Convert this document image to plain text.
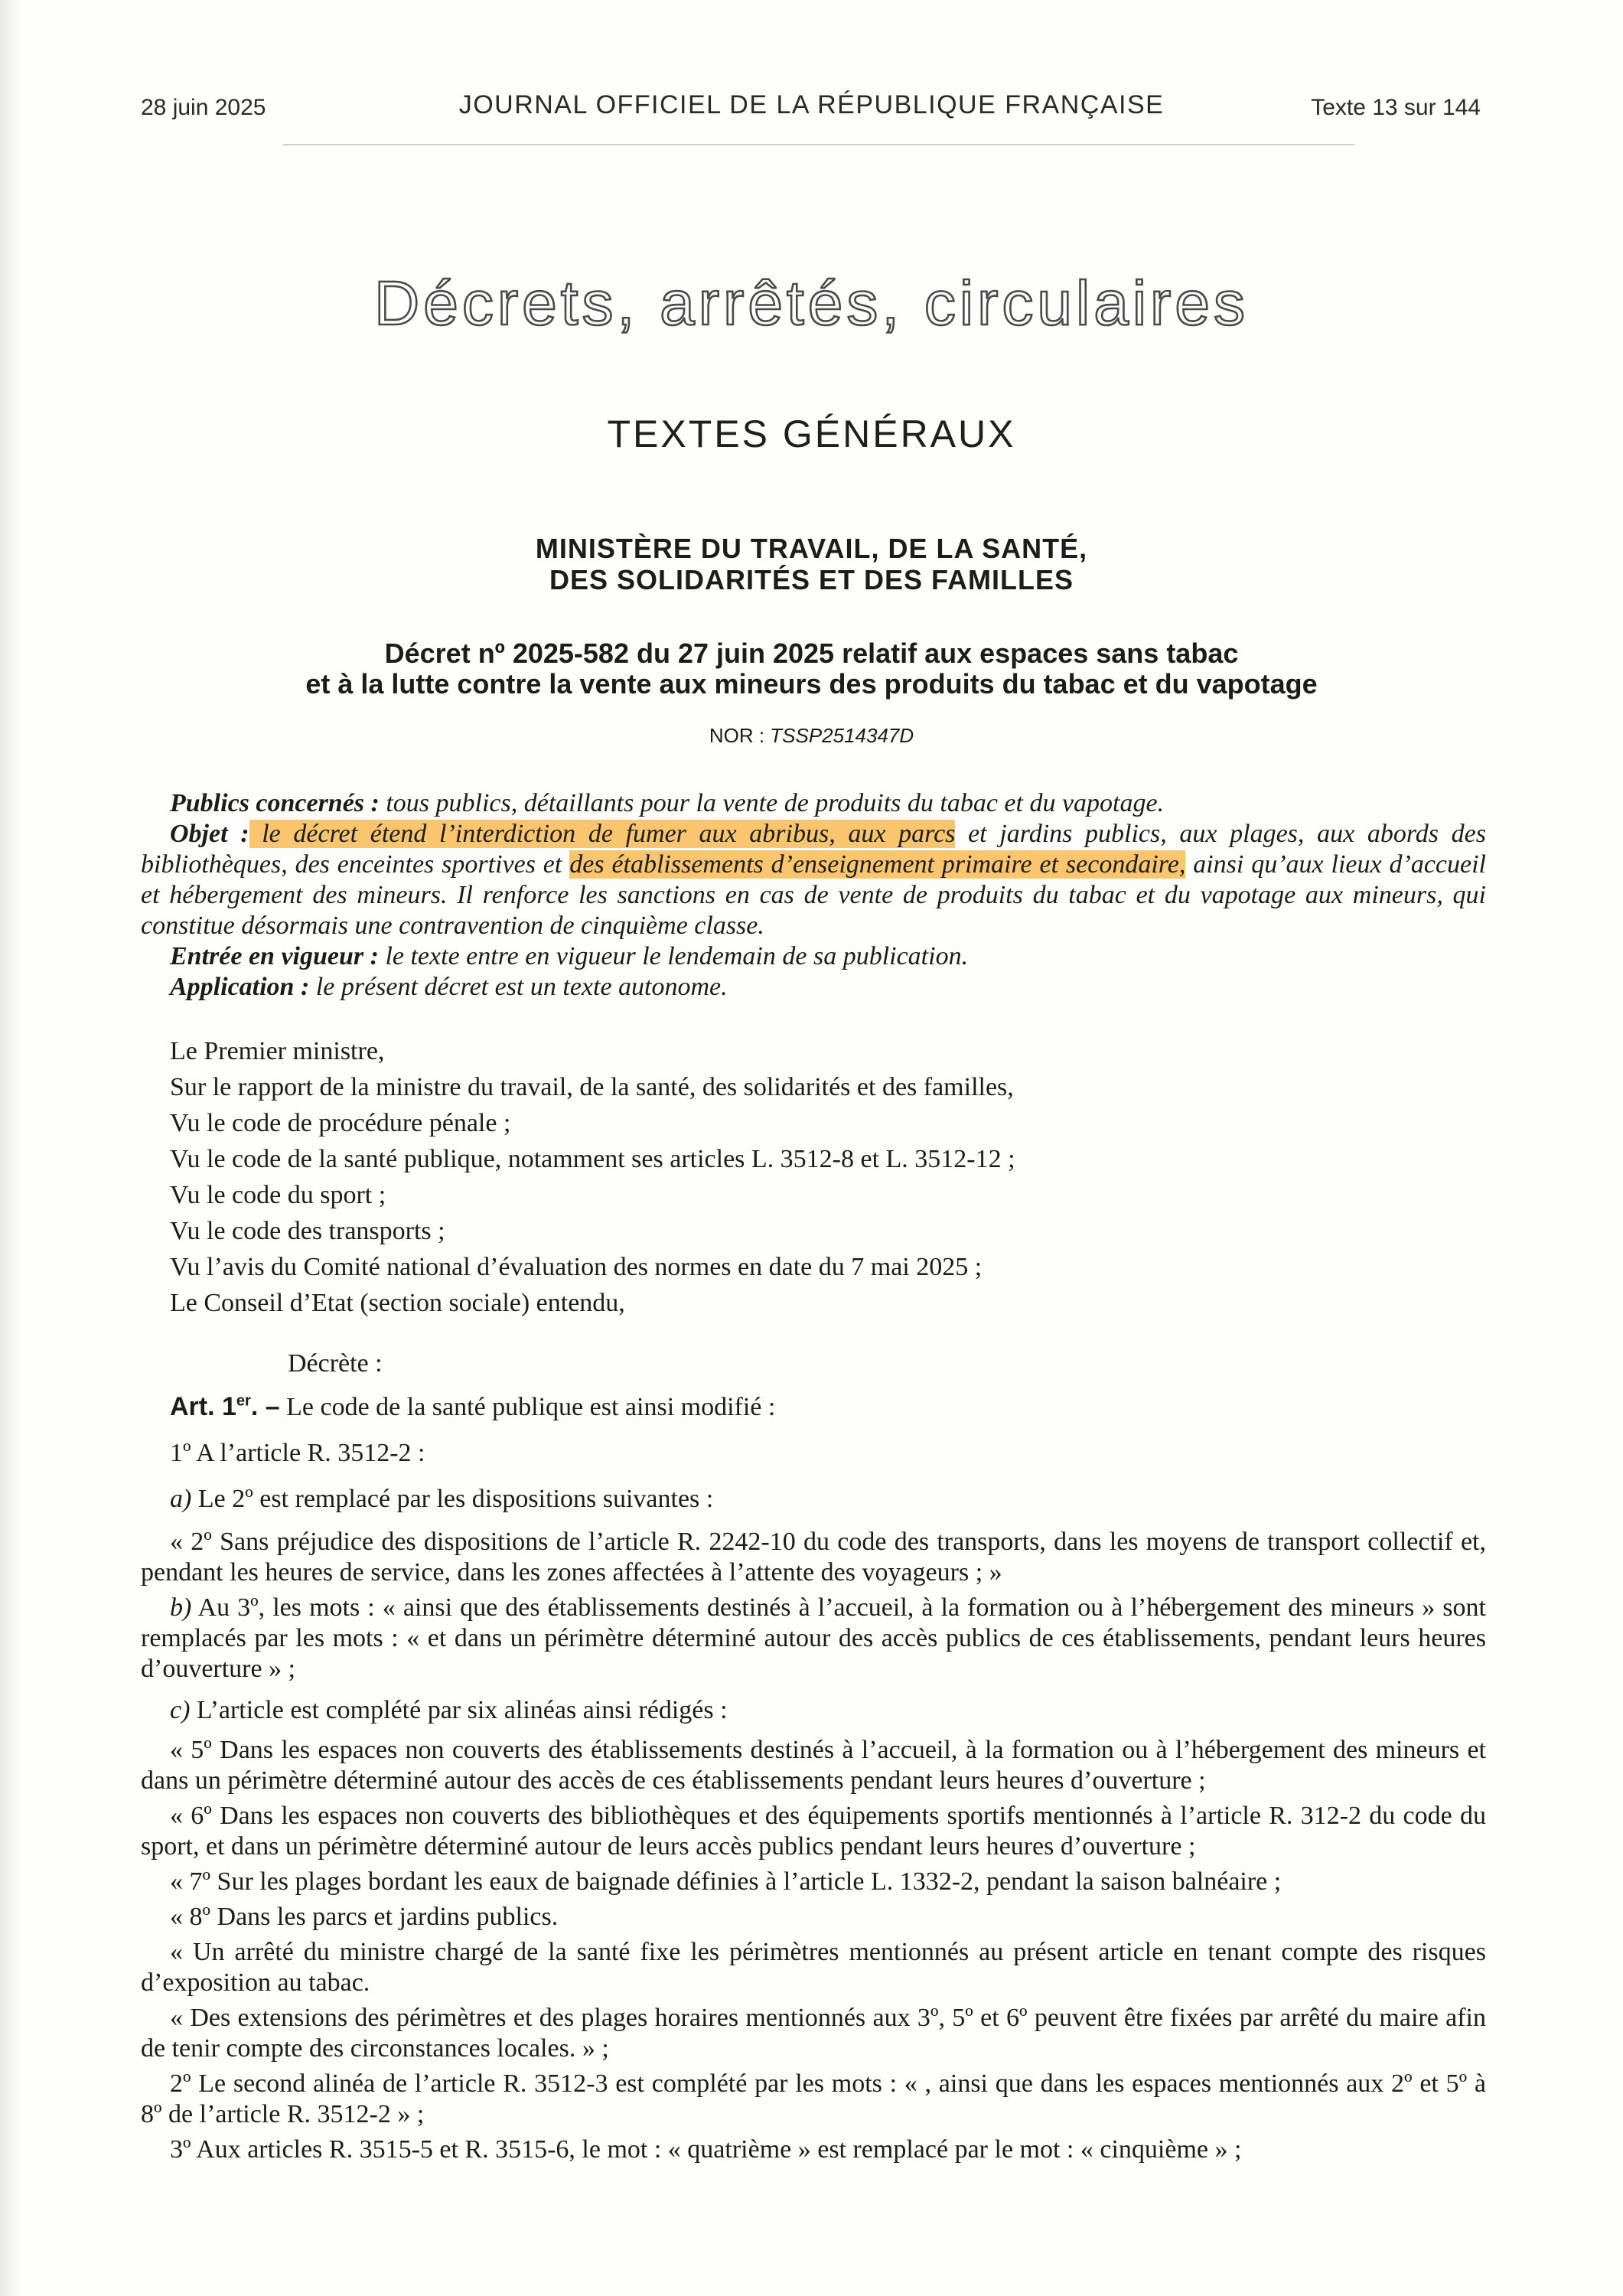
28 juin 2025	JOURNAL OFFICIEL DE LA RÉPUBLIQUE FRANÇAISE	Texte 13 sur 144
Décrets, arrêtés, circulaires
TEXTES GÉNÉRAUX
MINISTÈRE DU TRAVAIL, DE LA SANTÉ,
DES SOLIDARITÉS ET DES FAMILLES
Décret nº 2025-582 du 27 juin 2025 relatif aux espaces sans tabac
et à la lutte contre la vente aux mineurs des produits du tabac et du vapotage
NOR : TSSP2514347D

Publics concernés : tous publics, détaillants pour la vente de produits du tabac et du vapotage.

Objet : le décret étend l’interdiction de fumer aux abribus, aux parcs et jardins publics, aux plages, aux abords des bibliothèques, des enceintes sportives et des établissements d’enseignement primaire et secondaire, ainsi qu’aux lieux d’accueil et hébergement des mineurs. Il renforce les sanctions en cas de vente de produits du tabac et du vapotage aux mineurs, qui constitue désormais une contravention de cinquième classe.

Entrée en vigueur : le texte entre en vigueur le lendemain de sa publication.

Application : le présent décret est un texte autonome.

Le Premier ministre,

Sur le rapport de la ministre du travail, de la santé, des solidarités et des familles,

Vu le code de procédure pénale ;

Vu le code de la santé publique, notamment ses articles L. 3512-8 et L. 3512-12 ;

Vu le code du sport ;

Vu le code des transports ;

Vu l’avis du Comité national d’évaluation des normes en date du 7 mai 2025 ;

Le Conseil d’Etat (section sociale) entendu,

Décrète :

Art. 1er. – Le code de la santé publique est ainsi modifié :

1º A l’article R. 3512-2 :

a) Le 2º est remplacé par les dispositions suivantes :

« 2º Sans préjudice des dispositions de l’article R. 2242-10 du code des transports, dans les moyens de transport collectif et, pendant les heures de service, dans les zones affectées à l’attente des voyageurs ; »

b) Au 3º, les mots : « ainsi que des établissements destinés à l’accueil, à la formation ou à l’hébergement des mineurs » sont remplacés par les mots : « et dans un périmètre déterminé autour des accès publics de ces établissements, pendant leurs heures d’ouverture » ;

c) L’article est complété par six alinéas ainsi rédigés :

« 5º Dans les espaces non couverts des établissements destinés à l’accueil, à la formation ou à l’hébergement des mineurs et dans un périmètre déterminé autour des accès de ces établissements pendant leurs heures d’ouverture ;

« 6º Dans les espaces non couverts des bibliothèques et des équipements sportifs mentionnés à l’article R. 312-2 du code du sport, et dans un périmètre déterminé autour de leurs accès publics pendant leurs heures d’ouverture ;

« 7º Sur les plages bordant les eaux de baignade définies à l’article L. 1332-2, pendant la saison balnéaire ;

« 8º Dans les parcs et jardins publics.

« Un arrêté du ministre chargé de la santé fixe les périmètres mentionnés au présent article en tenant compte des risques d’exposition au tabac.

« Des extensions des périmètres et des plages horaires mentionnés aux 3º, 5º et 6º peuvent être fixées par arrêté du maire afin de tenir compte des circonstances locales. » ;

2º Le second alinéa de l’article R. 3512-3 est complété par les mots : « , ainsi que dans les espaces mentionnés aux 2º et 5º à 8º de l’article R. 3512-2 » ;

3º Aux articles R. 3515-5 et R. 3515-6, le mot : « quatrième » est remplacé par le mot : « cinquième » ;
